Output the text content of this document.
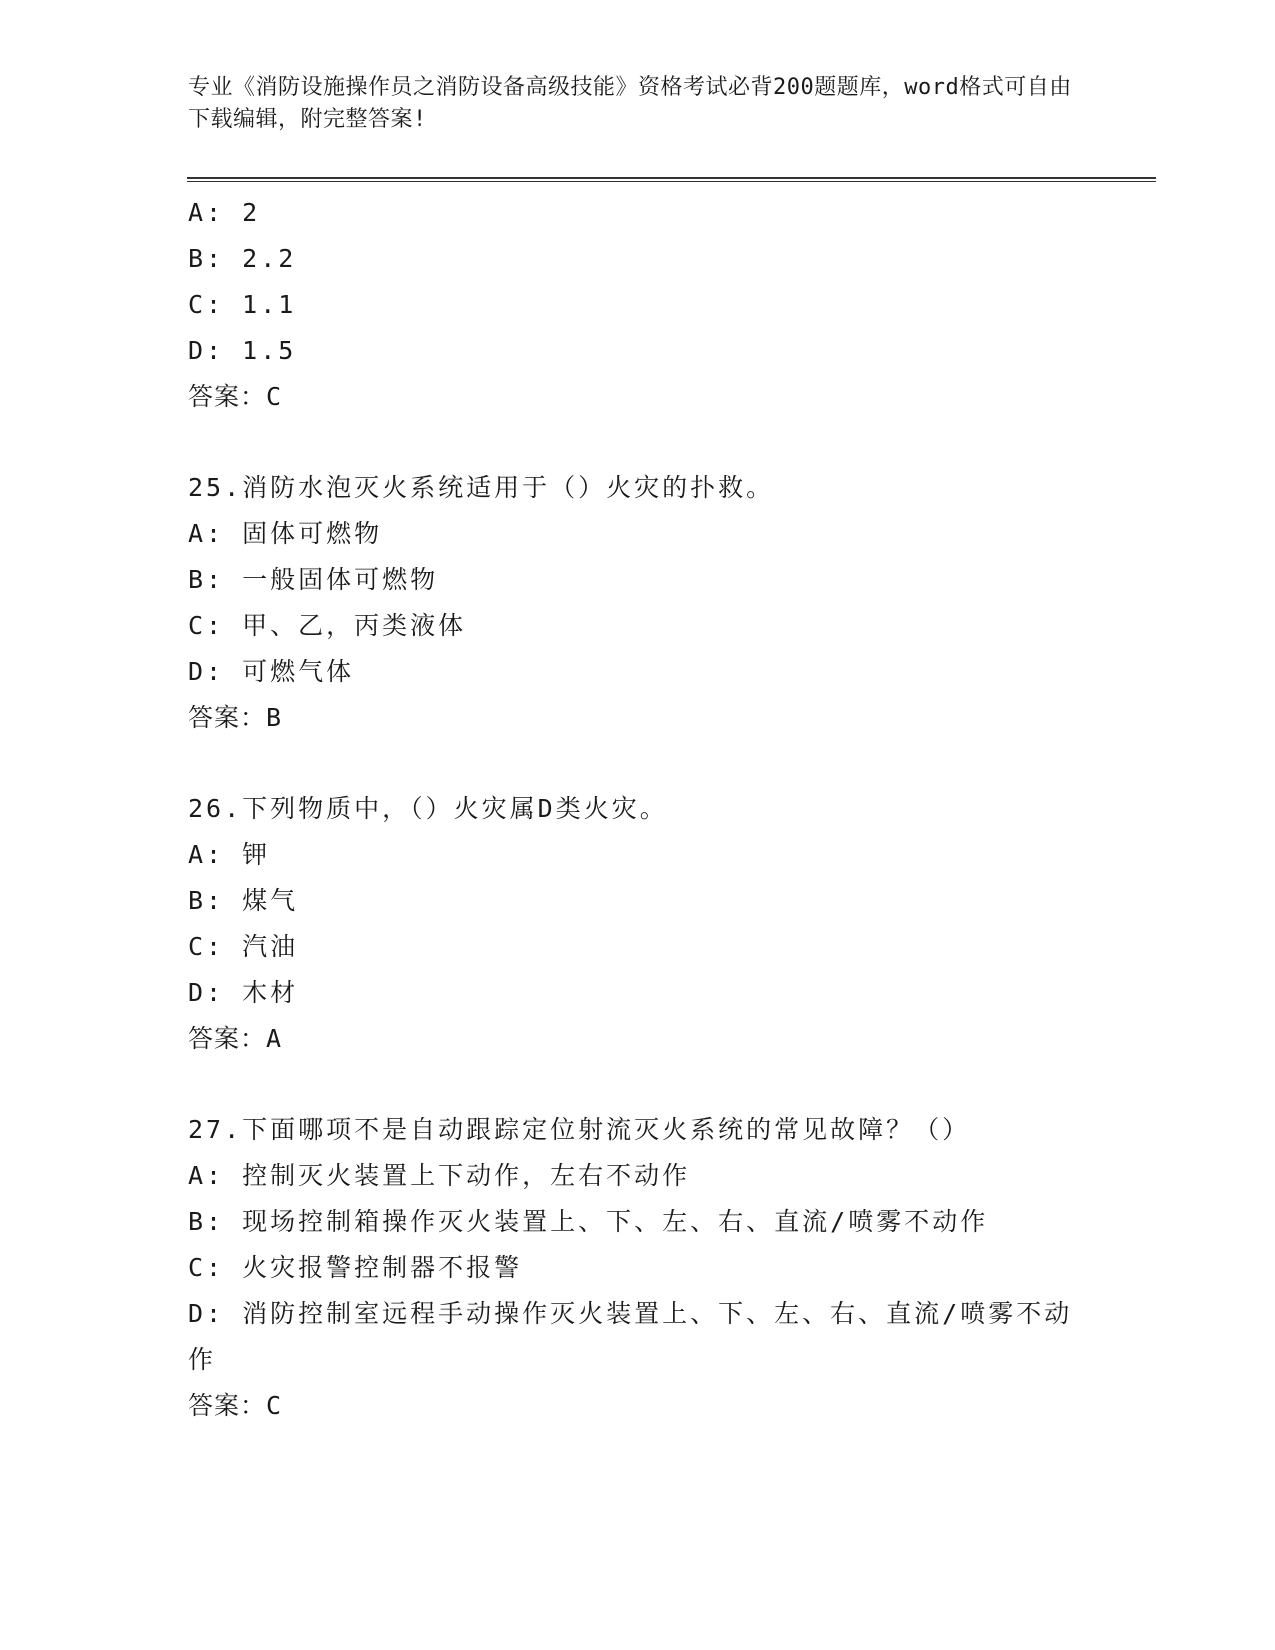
专业《消防设施操作员之消防设备高级技能》资格考试必背200题题库，word格式可自由下载编辑，附完整答案!
A: 2
B: 2.2
C: 1.1
D: 1.5
答案：C
25.消防水泡灭火系统适用于（）火灾的扑救。
A: 固体可燃物
B: 一般固体可燃物
C: 甲、乙，丙类液体
D: 可燃气体
答案：B
26.下列物质中，（）火灾属D类火灾。
A: 钾
B: 煤气
C: 汽油
D: 木材
答案：A
27.下面哪项不是自动跟踪定位射流灭火系统的常见故障？（）
A: 控制灭火装置上下动作，左右不动作
B: 现场控制箱操作灭火装置上、下、左、右、直流/喷雾不动作
C: 火灾报警控制器不报警
D: 消防控制室远程手动操作灭火装置上、下、左、右、直流/喷雾不动作
答案：C
